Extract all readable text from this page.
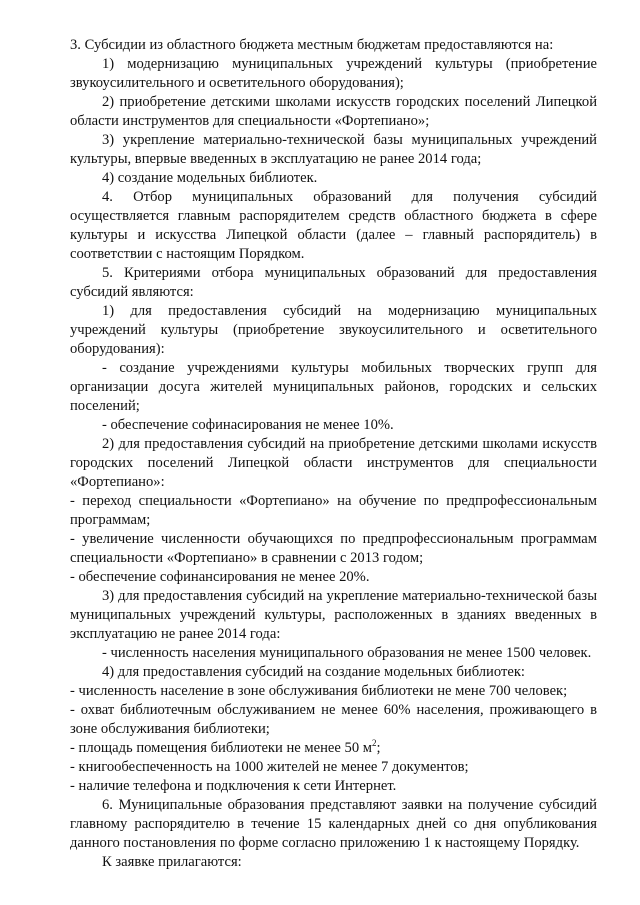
3. Субсидии из областного бюджета местным бюджетам предоставляются на:

1) модернизацию муниципальных учреждений культуры (приобретение звукоусилительного и осветительного оборудования);

2) приобретение детскими школами искусств городских поселений Липецкой области инструментов для специальности «Фортепиано»;

3) укрепление материально-технической базы муниципальных учреждений культуры, впервые введенных в эксплуатацию не ранее 2014 года;

4) создание модельных библиотек.

4. Отбор муниципальных образований для получения субсидий осуществляется главным распорядителем средств областного бюджета в сфере культуры и искусства Липецкой области (далее – главный распорядитель) в соответствии с настоящим Порядком.

5. Критериями отбора муниципальных образований для предоставления субсидий являются:

1) для предоставления субсидий на модернизацию муниципальных учреждений культуры (приобретение звукоусилительного и осветительного оборудования):

- создание учреждениями культуры мобильных творческих групп для организации досуга жителей муниципальных районов, городских и сельских поселений;

- обеспечение софинасирования не менее 10%.

2) для предоставления субсидий на приобретение детскими школами искусств городских поселений Липецкой области инструментов для специальности «Фортепиано»:

- переход специальности «Фортепиано» на обучение по предпрофессиональным программам;

- увеличение численности обучающихся по предпрофессиональным программам специальности «Фортепиано» в сравнении с 2013 годом;

- обеспечение софинансирования не менее 20%.

3) для предоставления субсидий на укрепление материально-технической базы муниципальных учреждений культуры, расположенных в зданиях введенных в эксплуатацию не ранее 2014 года:

- численность населения муниципального образования не менее 1500 человек.

4) для предоставления субсидий на создание модельных библиотек:

- численность население в зоне обслуживания библиотеки не мене 700 человек;

- охват библиотечным обслуживанием не менее 60% населения, проживающего в зоне обслуживания библиотеки;

- площадь помещения библиотеки не менее 50 $м^2$;

- книгообеспеченность на 1000 жителей не менее 7 документов;

- наличие телефона и подключения к сети Интернет.

6. Муниципальные образования представляют заявки на получение субсидий главному распорядителю в течение 15 календарных дней со дня опубликования данного постановления по форме согласно приложению 1 к настоящему Порядку.

К заявке прилагаются:
